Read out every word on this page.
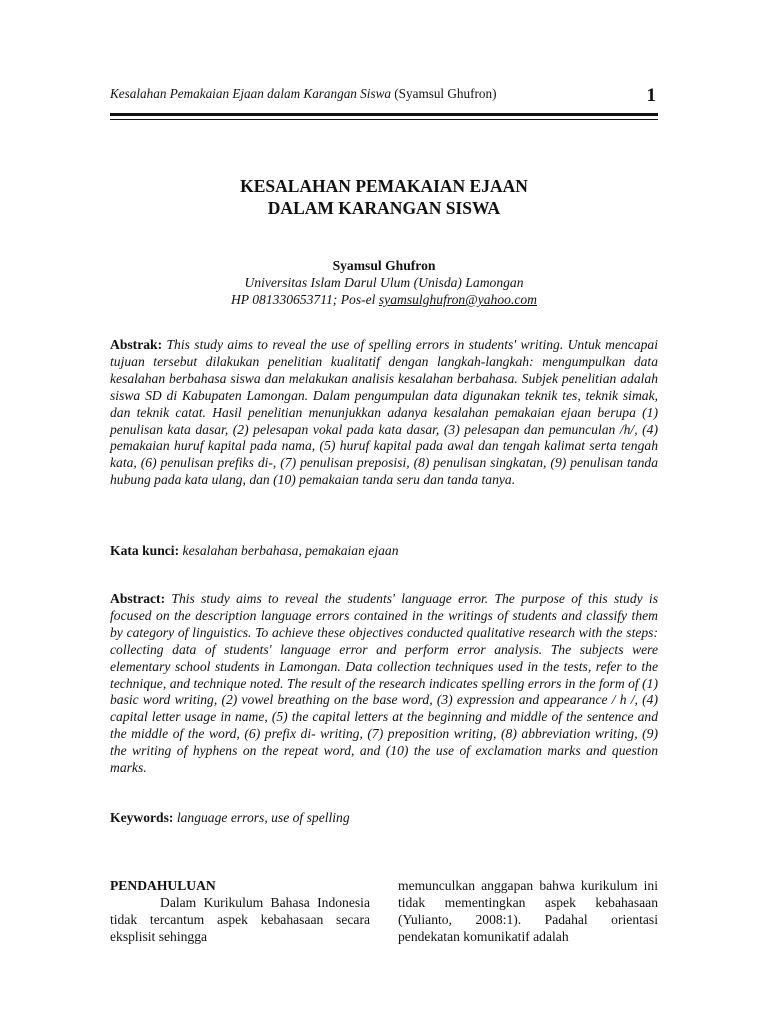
Kesalahan Pemakaian Ejaan dalam Karangan Siswa (Syamsul Ghufron)	1
KESALAHAN PEMAKAIAN EJAAN
DALAM KARANGAN SISWA
Syamsul Ghufron
Universitas Islam Darul Ulum (Unisda) Lamongan
HP 081330653711; Pos-el syamsulghufron@yahoo.com

Abstrak: This study aims to reveal the use of spelling errors in students' writing. Untuk mencapai tujuan tersebut dilakukan penelitian kualitatif dengan langkah-langkah: mengumpulkan data kesalahan berbahasa siswa dan melakukan analisis kesalahan berbahasa. Subjek penelitian adalah siswa SD di Kabupaten Lamongan. Dalam pengumpulan data digunakan teknik tes, teknik simak, dan teknik catat. Hasil penelitian menunjukkan adanya kesalahan pemakaian ejaan berupa (1) penulisan kata dasar, (2) pelesapan vokal pada kata dasar, (3) pelesapan dan pemunculan /h/, (4) pemakaian huruf kapital pada nama, (5) huruf kapital pada awal dan tengah kalimat serta tengah kata, (6) penulisan prefiks di-, (7) penulisan preposisi, (8) penulisan singkatan, (9) penulisan tanda hubung pada kata ulang, dan (10) pemakaian tanda seru dan tanda tanya.

Kata kunci: kesalahan berbahasa, pemakaian ejaan

Abstract: This study aims to reveal the students' language error. The purpose of this study is focused on the description language errors contained in the writings of students and classify them by category of linguistics. To achieve these objectives conducted qualitative research with the steps: collecting data of students' language error and perform error analysis. The subjects were elementary school students in Lamongan. Data collection techniques used in the tests, refer to the technique, and technique noted. The result of the research indicates spelling errors in the form of (1) basic word writing, (2) vowel breathing on the base word, (3) expression and appearance / h /, (4) capital letter usage in name, (5) the capital letters at the beginning and middle of the sentence and the middle of the word, (6) prefix di- writing, (7) preposition writing, (8) abbreviation writing, (9) the writing of hyphens on the repeat word, and (10) the use of exclamation marks and question marks.

Keywords: language errors, use of spelling

PENDAHULUAN

Dalam Kurikulum Bahasa Indonesia tidak tercantum aspek kebahasaan secara eksplisit sehingga

memunculkan anggapan bahwa kurikulum ini tidak mementingkan aspek kebahasaan (Yulianto, 2008:1). Padahal orientasi pendekatan komunikatif adalah
